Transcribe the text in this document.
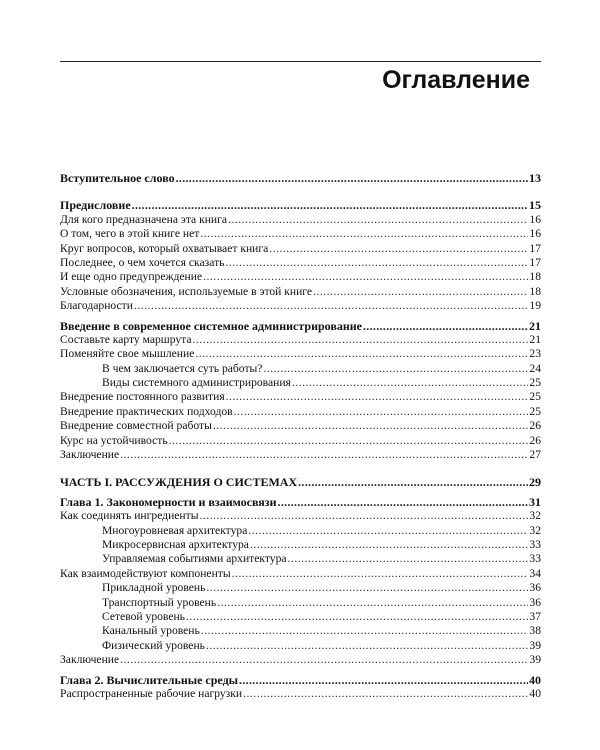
Оглавление
Вступительное слово .....	13
Предисловие .....	15
Для кого предназначена эта книга .....	16
О том, чего в этой книге нет .....	16
Круг вопросов, который охватывает книга .....	17
Последнее, о чем хочется сказать .....	17
И еще одно предупреждение .....	18
Условные обозначения, используемые в этой книге .....	18
Благодарности .....	19
Введение в современное системное администрирование .....	21
Составьте карту маршрута .....	21
Поменяйте свое мышление .....	23
В чем заключается суть работы? .....	24
Виды системного администрирования .....	25
Внедрение постоянного развития .....	25
Внедрение практических подходов .....	25
Внедрение совместной работы .....	26
Курс на устойчивость .....	26
Заключение .....	27
ЧАСТЬ I. РАССУЖДЕНИЯ О СИСТЕМАХ .....	29
Глава 1. Закономерности и взаимосвязи .....	31
Как соединять ингредиенты .....	32
Многоуровневая архитектура .....	32
Микросервисная архитектура .....	33
Управляемая событиями архитектура .....	33
Как взаимодействуют компоненты .....	34
Прикладной уровень .....	36
Транспортный уровень .....	36
Сетевой уровень .....	37
Канальный уровень .....	38
Физический уровень .....	39
Заключение .....	39
Глава 2. Вычислительные среды .....	40
Распространенные рабочие нагрузки .....	40
